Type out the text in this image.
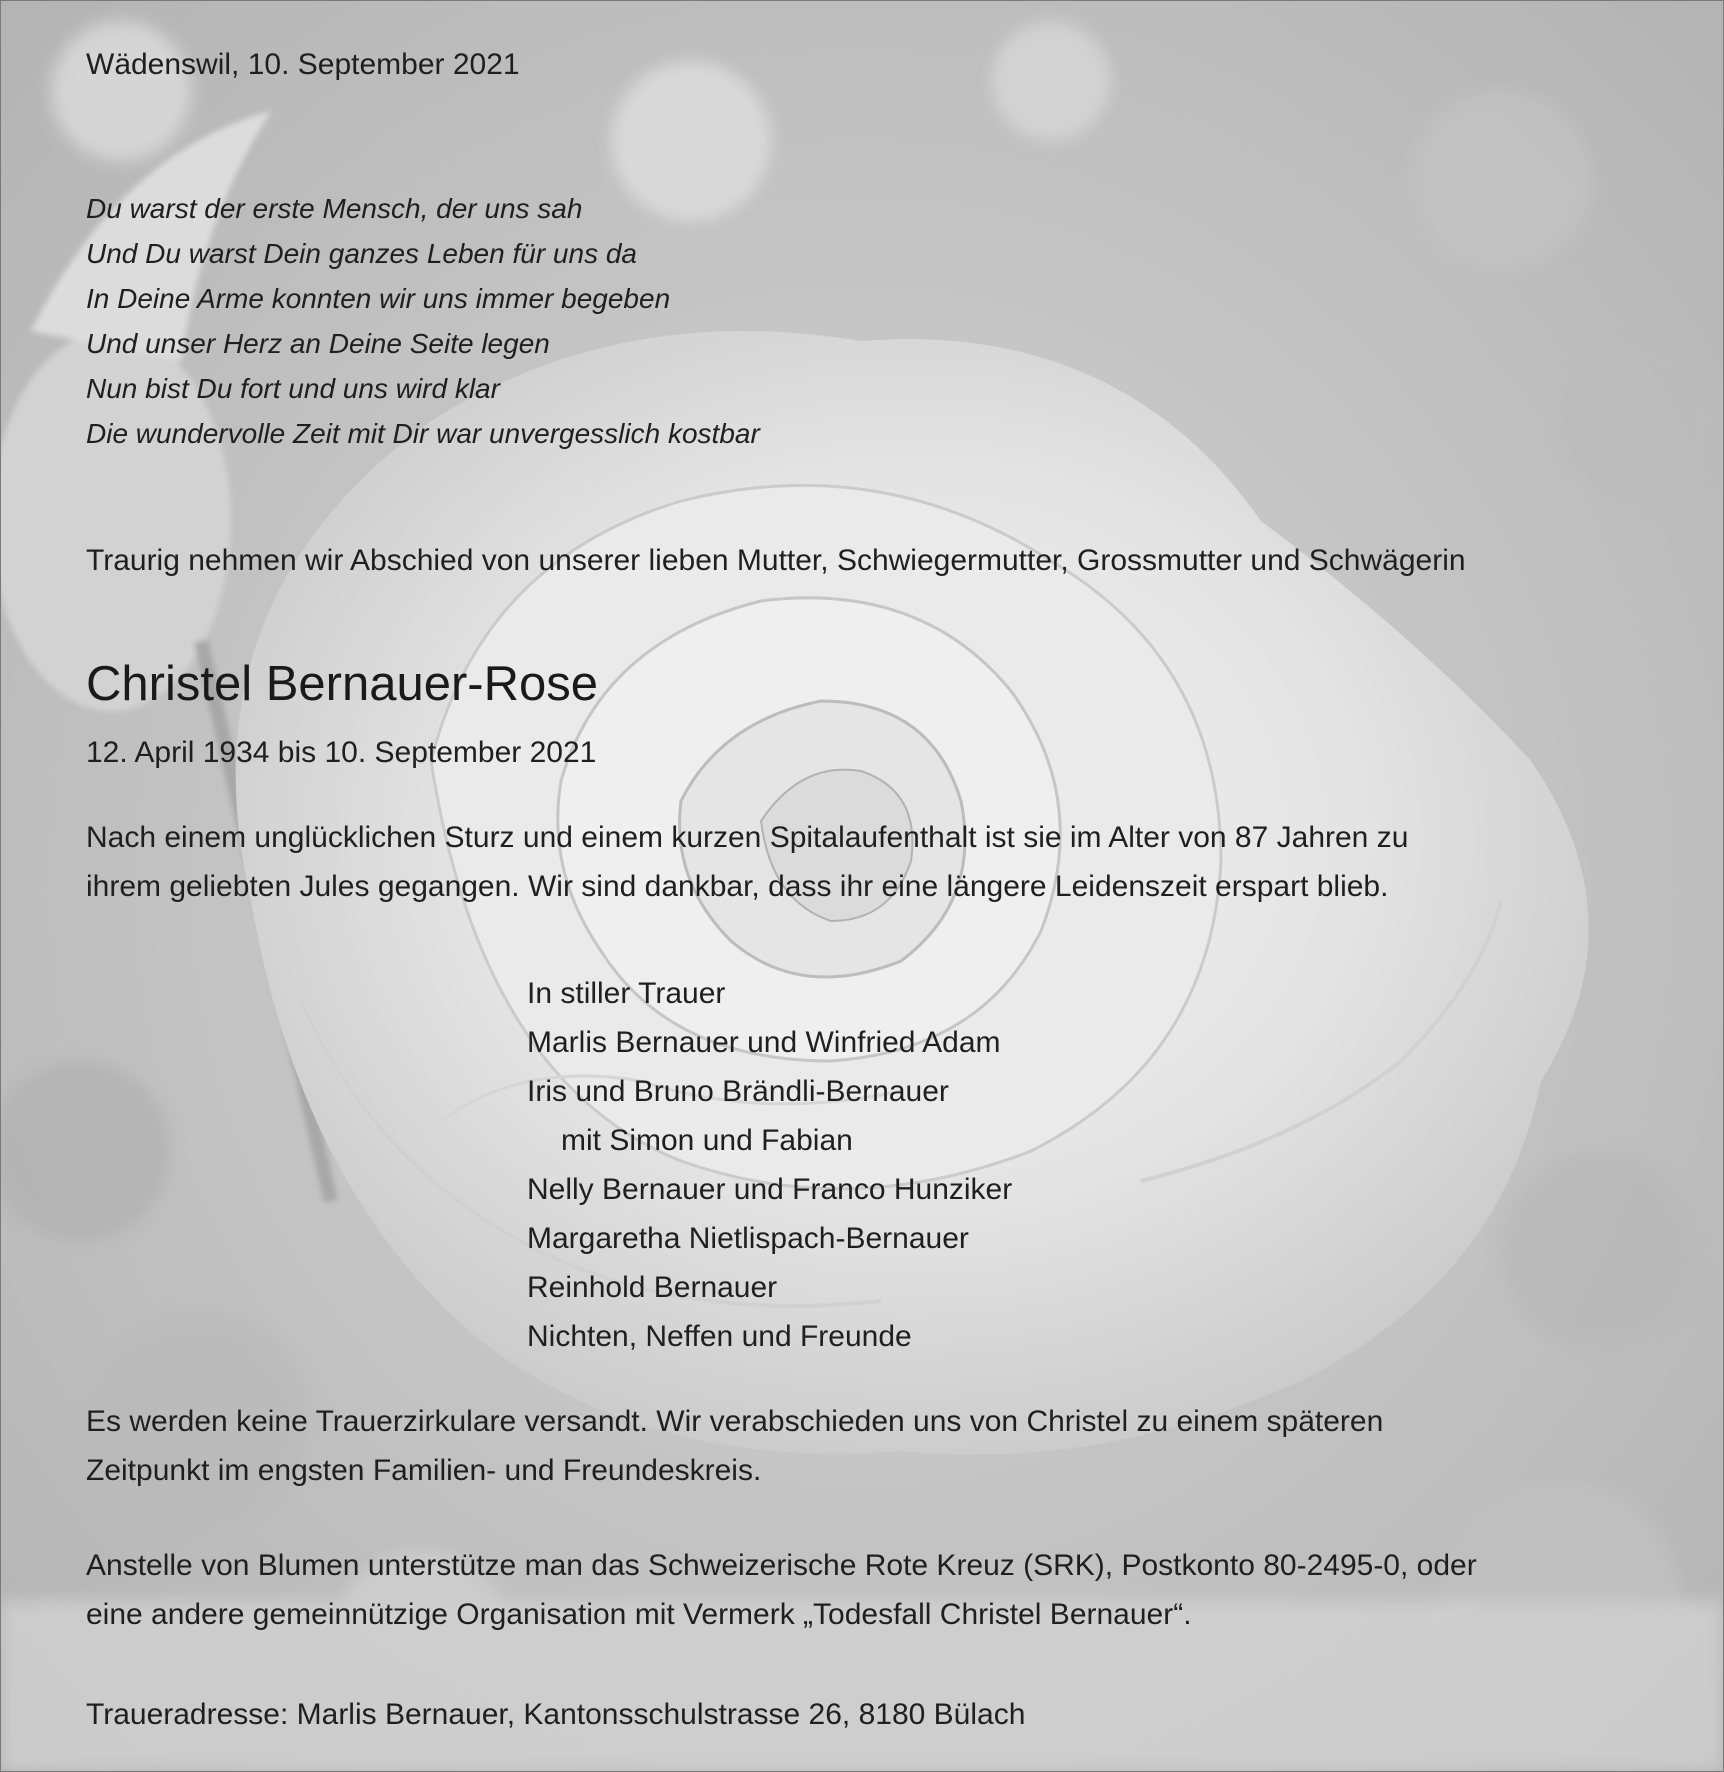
Wädenswil, 10. September 2021

Du warst der erste Mensch, der uns sah
Und Du warst Dein ganzes Leben für uns da
In Deine Arme konnten wir uns immer begeben
Und unser Herz an Deine Seite legen
Nun bist Du fort und uns wird klar
Die wundervolle Zeit mit Dir war unvergesslich kostbar

Traurig nehmen wir Abschied von unserer lieben Mutter, Schwiegermutter, Grossmutter und Schwägerin

Christel Bernauer-Rose

12. April 1934 bis 10. September 2021

Nach einem unglücklichen Sturz und einem kurzen Spitalaufenthalt ist sie im Alter von 87 Jahren zu
ihrem geliebten Jules gegangen. Wir sind dankbar, dass ihr eine längere Leidenszeit erspart blieb.

In stiller Trauer
Marlis Bernauer und Winfried Adam
Iris und Bruno Brändli-Bernauer
mit Simon und Fabian
Nelly Bernauer und Franco Hunziker
Margaretha Nietlispach-Bernauer
Reinhold Bernauer
Nichten, Neffen und Freunde

Es werden keine Trauerzirkulare versandt. Wir verabschieden uns von Christel zu einem späteren
Zeitpunkt im engsten Familien- und Freundeskreis.

Anstelle von Blumen unterstütze man das Schweizerische Rote Kreuz (SRK), Postkonto 80-2495-0, oder
eine andere gemeinnützige Organisation mit Vermerk „Todesfall Christel Bernauer“.

Traueradresse: Marlis Bernauer, Kantonsschulstrasse 26, 8180 Bülach
